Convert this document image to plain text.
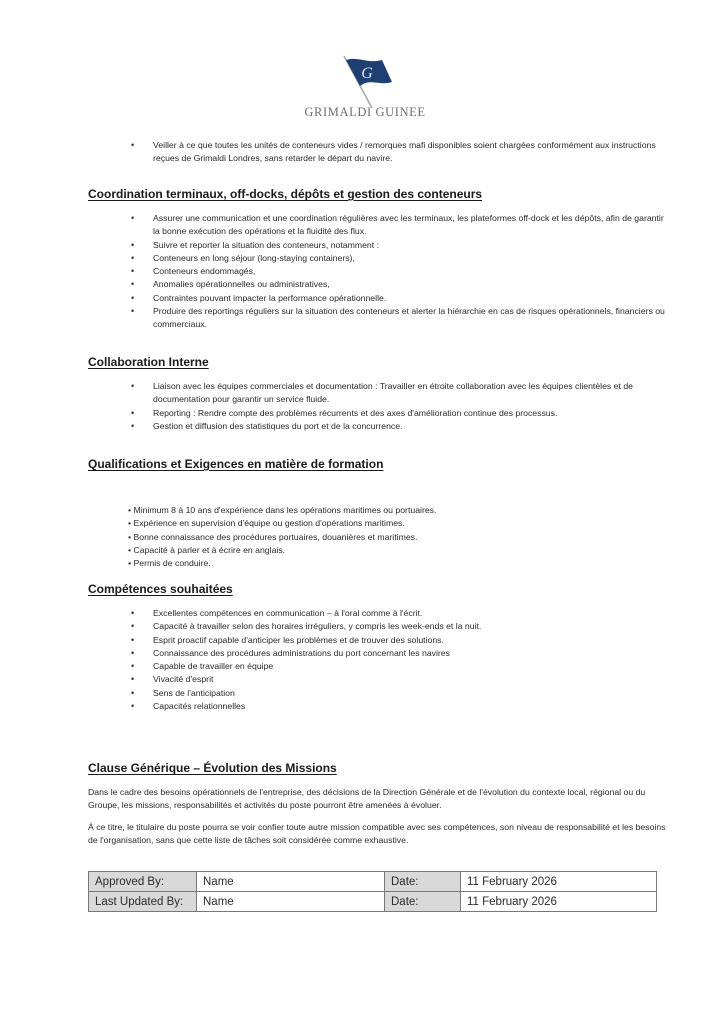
G
GRIMALDI GUINEE
• Veiller à ce que toutes les unités de conteneurs vides / remorques mafi disponibles soient chargées conformément aux instructions reçues de Grimaldi Londres, sans retarder le départ du navire.
Coordination terminaux, off-docks, dépôts et gestion des conteneurs
• Assurer une communication et une coordination régulières avec les terminaux, les plateformes off-dock et les dépôts, afin de garantir la bonne exécution des opérations et la fluidité des flux.
• Suivre et reporter la situation des conteneurs, notamment :
• Conteneurs en long séjour (long-staying containers),
• Conteneurs endommagés,
• Anomalies opérationnelles ou administratives,
• Contraintes pouvant impacter la performance opérationnelle.
• Produire des reportings réguliers sur la situation des conteneurs et alerter la hiérarchie en cas de risques opérationnels, financiers ou commerciaux.
Collaboration Interne
• Liaison avec les équipes commerciales et documentation : Travailler en étroite collaboration avec les équipes clientèles et de documentation pour garantir un service fluide.
• Reporting : Rendre compte des problèmes récurrents et des axes d'amélioration continue des processus.
• Gestion et diffusion des statistiques du port et de la concurrence.
Qualifications et Exigences en matière de formation
• Minimum 8 à 10 ans d'expérience dans les opérations maritimes ou portuaires.
• Expérience en supervision d'équipe ou gestion d'opérations maritimes.
• Bonne connaissance des procédures portuaires, douanières et maritimes.
• Capacité à parler et à écrire en anglais.
• Permis de conduire.
Compétences souhaitées
• Excellentes compétences en communication – à l'oral comme à l'écrit.
• Capacité à travailler selon des horaires irréguliers, y compris les week-ends et la nuit.
• Esprit proactif capable d'anticiper les problèmes et de trouver des solutions.
• Connaissance des procédures administrations du port concernant les navires
• Capable de travailler en équipe
• Vivacité d'esprit
• Sens de l'anticipation
• Capacités relationnelles
Clause Générique – Évolution des Missions

Dans le cadre des besoins opérationnels de l'entreprise, des décisions de la Direction Générale et de l'évolution du contexte local, régional ou du Groupe, les missions, responsabilités et activités du poste pourront être amenées à évoluer.

À ce titre, le titulaire du poste pourra se voir confier toute autre mission compatible avec ses compétences, son niveau de responsabilité et les besoins de l'organisation, sans que cette liste de tâches soit considérée comme exhaustive.

Approved By:	Name	Date:	11 February 2026
Last Updated By:	Name	Date:	11 February 2026
